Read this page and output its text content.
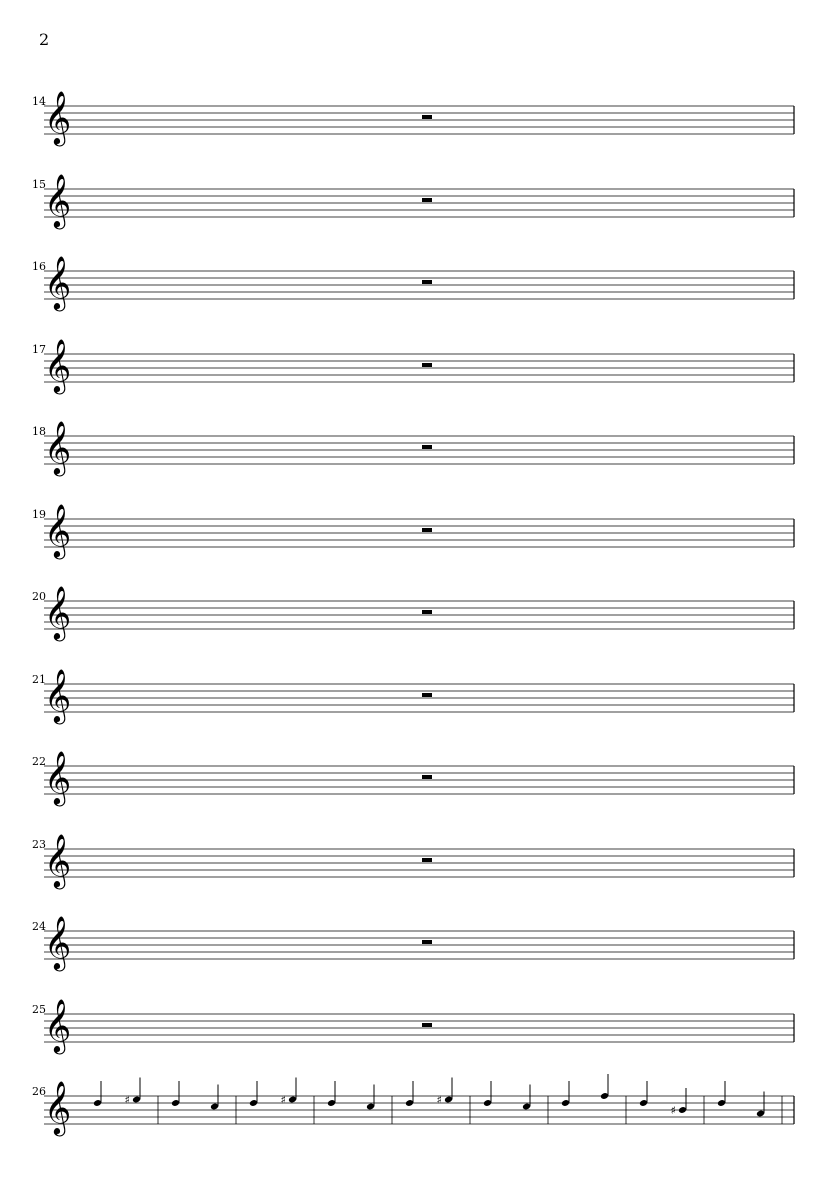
2
14
𝄞
15
𝄞
16
𝄞
17
𝄞
18
𝄞
19
𝄞
20
𝄞
21
𝄞
22
𝄞
23
𝄞
24
𝄞
25
𝄞
26
𝄞	♯	♯	♯
♯
